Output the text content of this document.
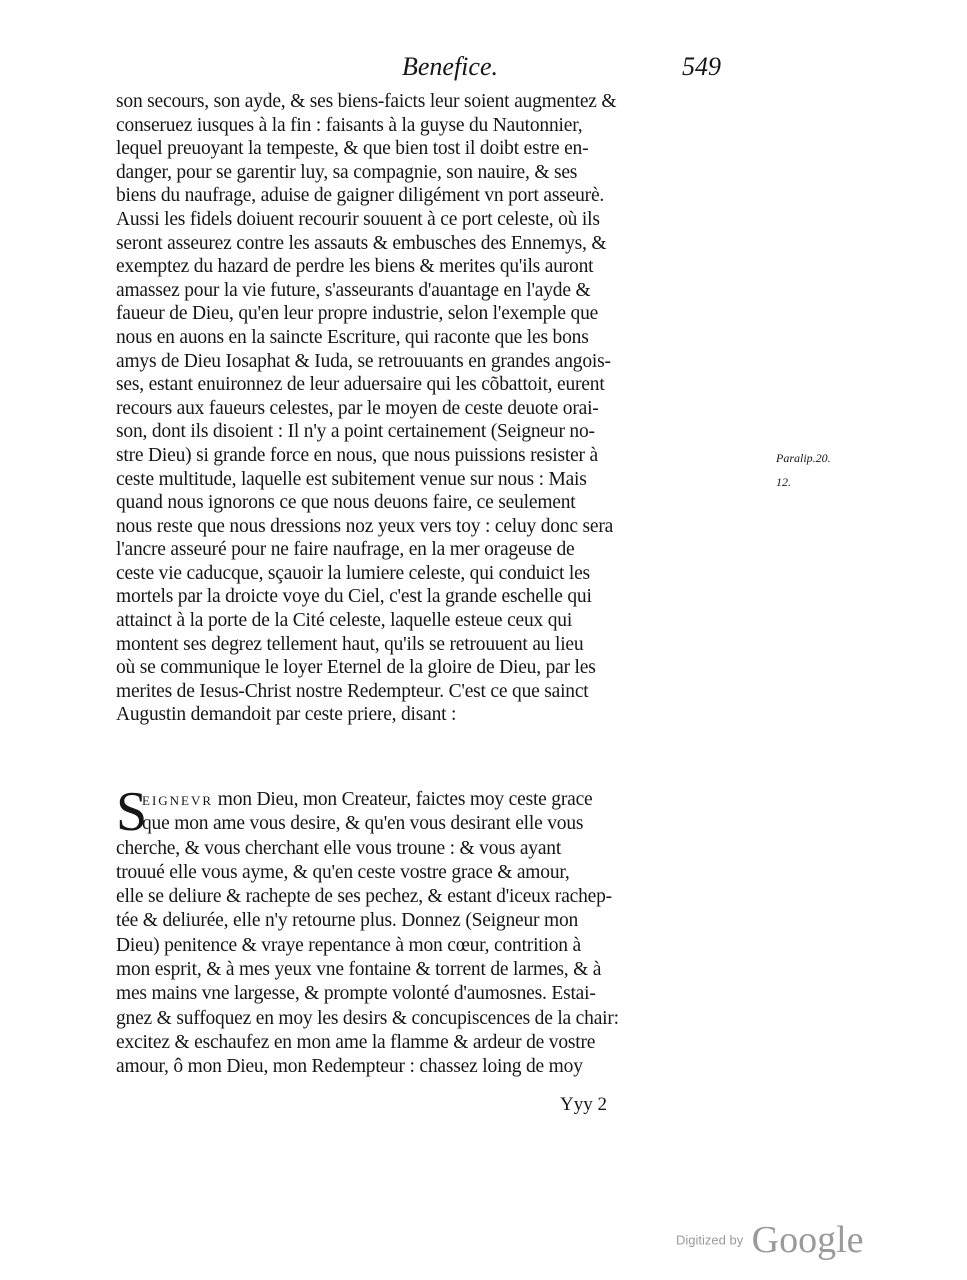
Benefice.	549
son secours, son ayde, & ses biens-faicts leur soient augmentez &
conseruez iusques à la fin : faisants à la guyse du Nautonnier,
lequel preuoyant la tempeste, & que bien tost il doibt estre en-
danger, pour se garentir luy, sa compagnie, son nauire, & ses
biens du naufrage, aduise de gaigner diligément vn port asseurè.
Aussi les fidels doiuent recourir souuent à ce port celeste, où ils
seront asseurez contre les assauts & embusches des Ennemys, &
exemptez du hazard de perdre les biens & merites qu'ils auront
amassez pour la vie future, s'asseurants d'auantage en l'ayde &
faueur de Dieu, qu'en leur propre industrie, selon l'exemple que
nous en auons en la saincte Escriture, qui raconte que les bons
amys de Dieu Iosaphat & Iuda, se retrouuants en grandes angois-
ses, estant enuironnez de leur aduersaire qui les cõbattoit, eurent
recours aux faueurs celestes, par le moyen de ceste deuote orai-
son, dont ils disoient : Il n'y a point certainement (Seigneur no-
stre Dieu) si grande force en nous, que nous puissions resister à
ceste multitude, laquelle est subitement venue sur nous : Mais
quand nous ignorons ce que nous deuons faire, ce seulement
nous reste que nous dressions noz yeux vers toy : celuy donc sera
l'ancre asseuré pour ne faire naufrage, en la mer orageuse de
ceste vie caducque, sçauoir la lumiere celeste, qui conduict les
mortels par la droicte voye du Ciel, c'est la grande eschelle qui
attainct à la porte de la Cité celeste, laquelle esteue ceux qui
montent ses degrez tellement haut, qu'ils se retrouuent au lieu
où se communique le loyer Eternel de la gloire de Dieu, par les
merites de Iesus-Christ nostre Redempteur. C'est ce que sainct
Augustin demandoit par ceste priere, disant :
Paralip.20.
12.
S
EIGNEVR mon Dieu, mon Createur, faictes moy ceste grace
que mon ame vous desire, & qu'en vous desirant elle vous
cherche, & vous cherchant elle vous troune : & vous ayant
trouué elle vous ayme, & qu'en ceste vostre grace & amour,
elle se deliure & rachepte de ses pechez, & estant d'iceux rachep-
tée & deliurée, elle n'y retourne plus. Donnez (Seigneur mon
Dieu) penitence & vraye repentance à mon cœur, contrition à
mon esprit, & à mes yeux vne fontaine & torrent de larmes, & à
mes mains vne largesse, & prompte volonté d'aumosnes. Estai-
gnez & suffoquez en moy les desirs & concupiscences de la chair:
excitez & eschaufez en mon ame la flamme & ardeur de vostre
amour, ô mon Dieu, mon Redempteur : chassez loing de moy
Yyy 2
Digitized by Google
